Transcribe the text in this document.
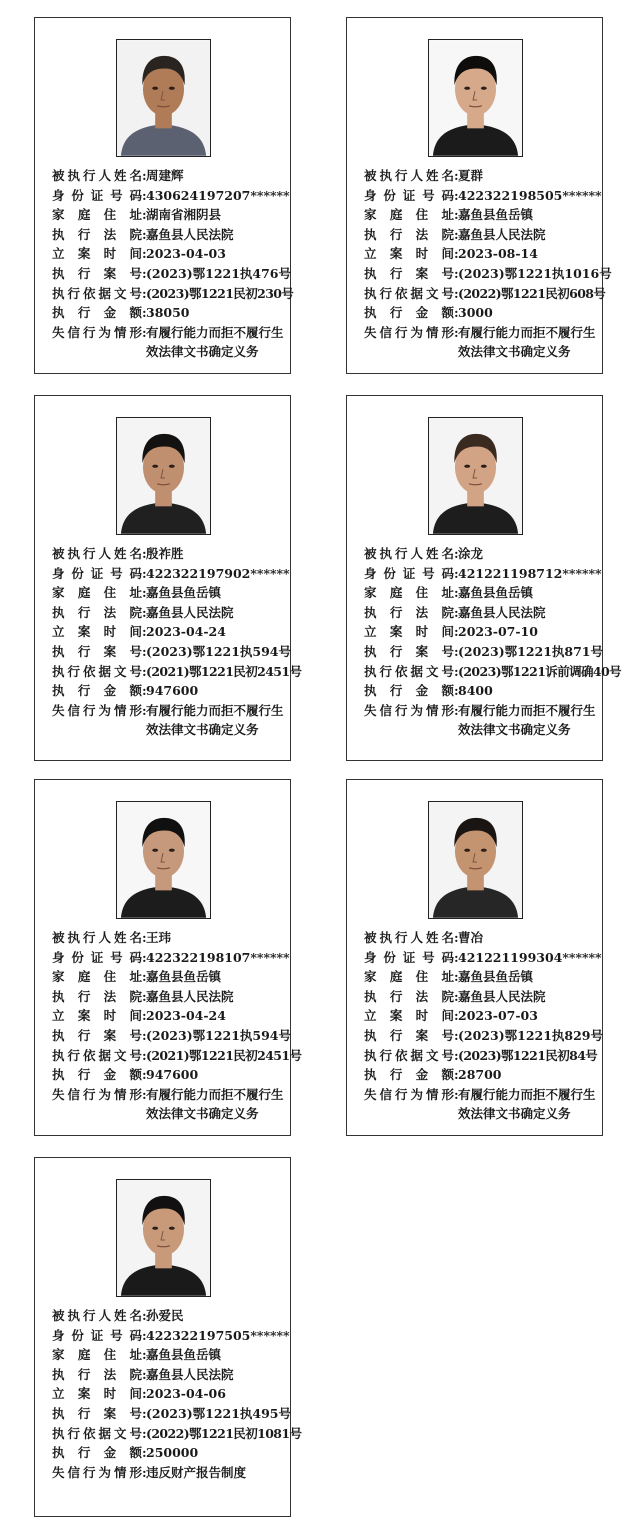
被执行人姓名 : 周建辉
身份证号码 : 430624197207******
家庭住址 : 湖南省湘阴县
执行法院 : 嘉鱼县人民法院
立案时间 : 2023-04-03
执行案号 : (2023)鄂1221执476号
执行依据文号 : (2023)鄂1221民初230号
执行金额 : 38050
失信行为情形 : 有履行能力而拒不履行生效法律文书确定义务
被执行人姓名 : 夏群
身份证号码 : 422322198505******
家庭住址 : 嘉鱼县鱼岳镇
执行法院 : 嘉鱼县人民法院
立案时间 : 2023-08-14
执行案号 : (2023)鄂1221执1016号
执行依据文号 : (2022)鄂1221民初608号
执行金额 : 3000
失信行为情形 : 有履行能力而拒不履行生效法律文书确定义务
被执行人姓名 : 殷祚胜
身份证号码 : 422322197902******
家庭住址 : 嘉鱼县鱼岳镇
执行法院 : 嘉鱼县人民法院
立案时间 : 2023-04-24
执行案号 : (2023)鄂1221执594号
执行依据文号 : (2021)鄂1221民初2451号
执行金额 : 947600
失信行为情形 : 有履行能力而拒不履行生效法律文书确定义务
被执行人姓名 : 涂龙
身份证号码 : 421221198712******
家庭住址 : 嘉鱼县鱼岳镇
执行法院 : 嘉鱼县人民法院
立案时间 : 2023-07-10
执行案号 : (2023)鄂1221执871号
执行依据文号 : (2023)鄂1221诉前调确40号
执行金额 : 8400
失信行为情形 : 有履行能力而拒不履行生效法律文书确定义务
被执行人姓名 : 王玮
身份证号码 : 422322198107******
家庭住址 : 嘉鱼县鱼岳镇
执行法院 : 嘉鱼县人民法院
立案时间 : 2023-04-24
执行案号 : (2023)鄂1221执594号
执行依据文号 : (2021)鄂1221民初2451号
执行金额 : 947600
失信行为情形 : 有履行能力而拒不履行生效法律文书确定义务
被执行人姓名 : 曹冶
身份证号码 : 421221199304******
家庭住址 : 嘉鱼县鱼岳镇
执行法院 : 嘉鱼县人民法院
立案时间 : 2023-07-03
执行案号 : (2023)鄂1221执829号
执行依据文号 : (2023)鄂1221民初84号
执行金额 : 28700
失信行为情形 : 有履行能力而拒不履行生效法律文书确定义务
被执行人姓名 : 孙爱民
身份证号码 : 422322197505******
家庭住址 : 嘉鱼县鱼岳镇
执行法院 : 嘉鱼县人民法院
立案时间 : 2023-04-06
执行案号 : (2023)鄂1221执495号
执行依据文号 : (2022)鄂1221民初1081号
执行金额 : 250000
失信行为情形 : 违反财产报告制度
